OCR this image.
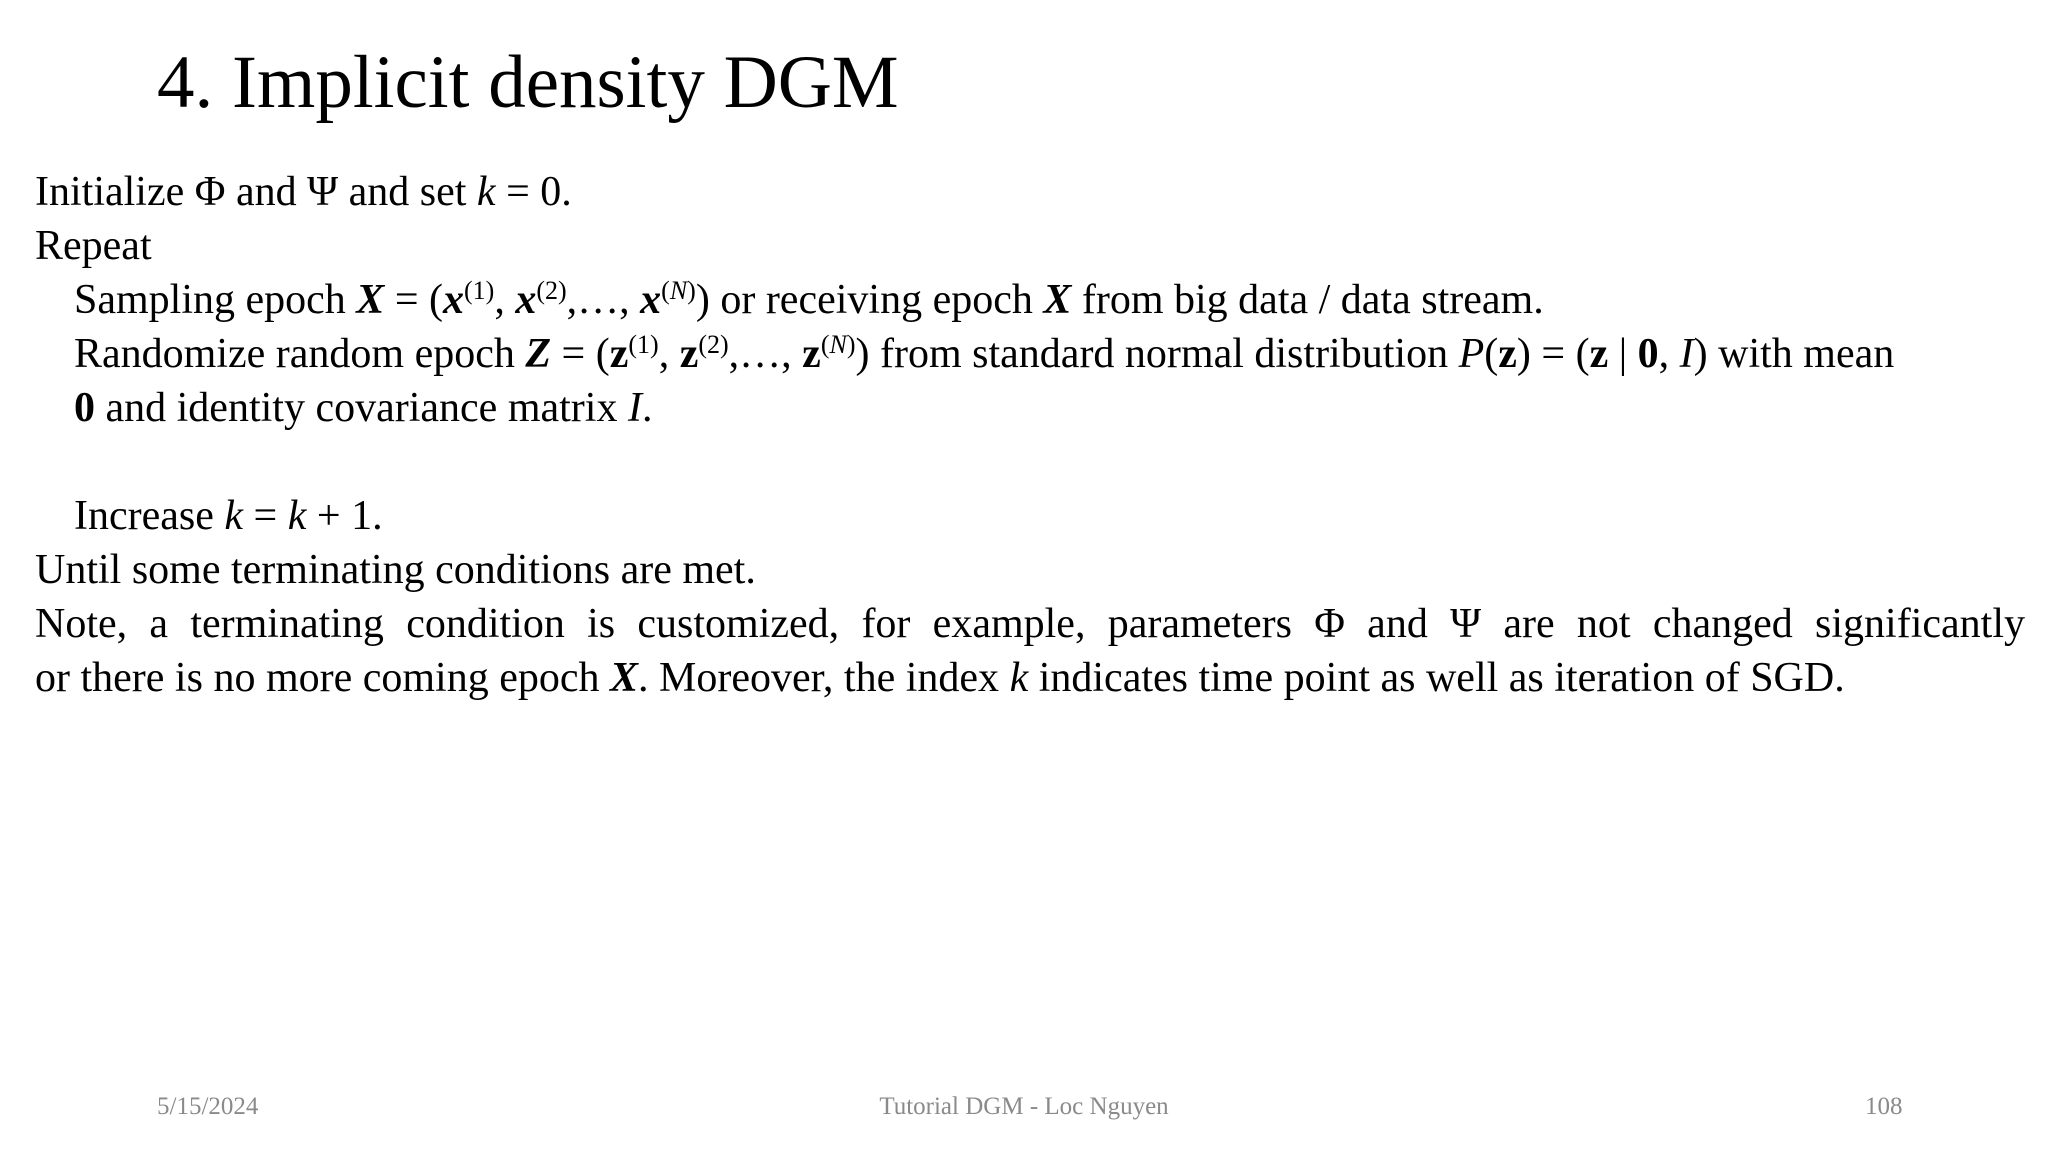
4. Implicit density DGM
Initialize Φ and Ψ and set k = 0.
Repeat
Sampling epoch $X = (x^{(1)}$, $x^{(2)},\dots$, $x^{(N)}$) or receiving epoch X from big data / data stream.
Randomize random epoch $Z = (z^{(1)}$, $z^{(2)},\dots$, $z^{(N)}$) from standard normal distribution P(z) = (z | 0, I) with mean
0 and identity covariance matrix I.
Increase k = k + 1.
Until some terminating conditions are met.
Note, a terminating condition is customized, for example, parameters Φ and Ψ are not changed significantly
or there is no more coming epoch X. Moreover, the index k indicates time point as well as iteration of SGD.
5/15/2024	Tutorial DGM - Loc Nguyen	108
